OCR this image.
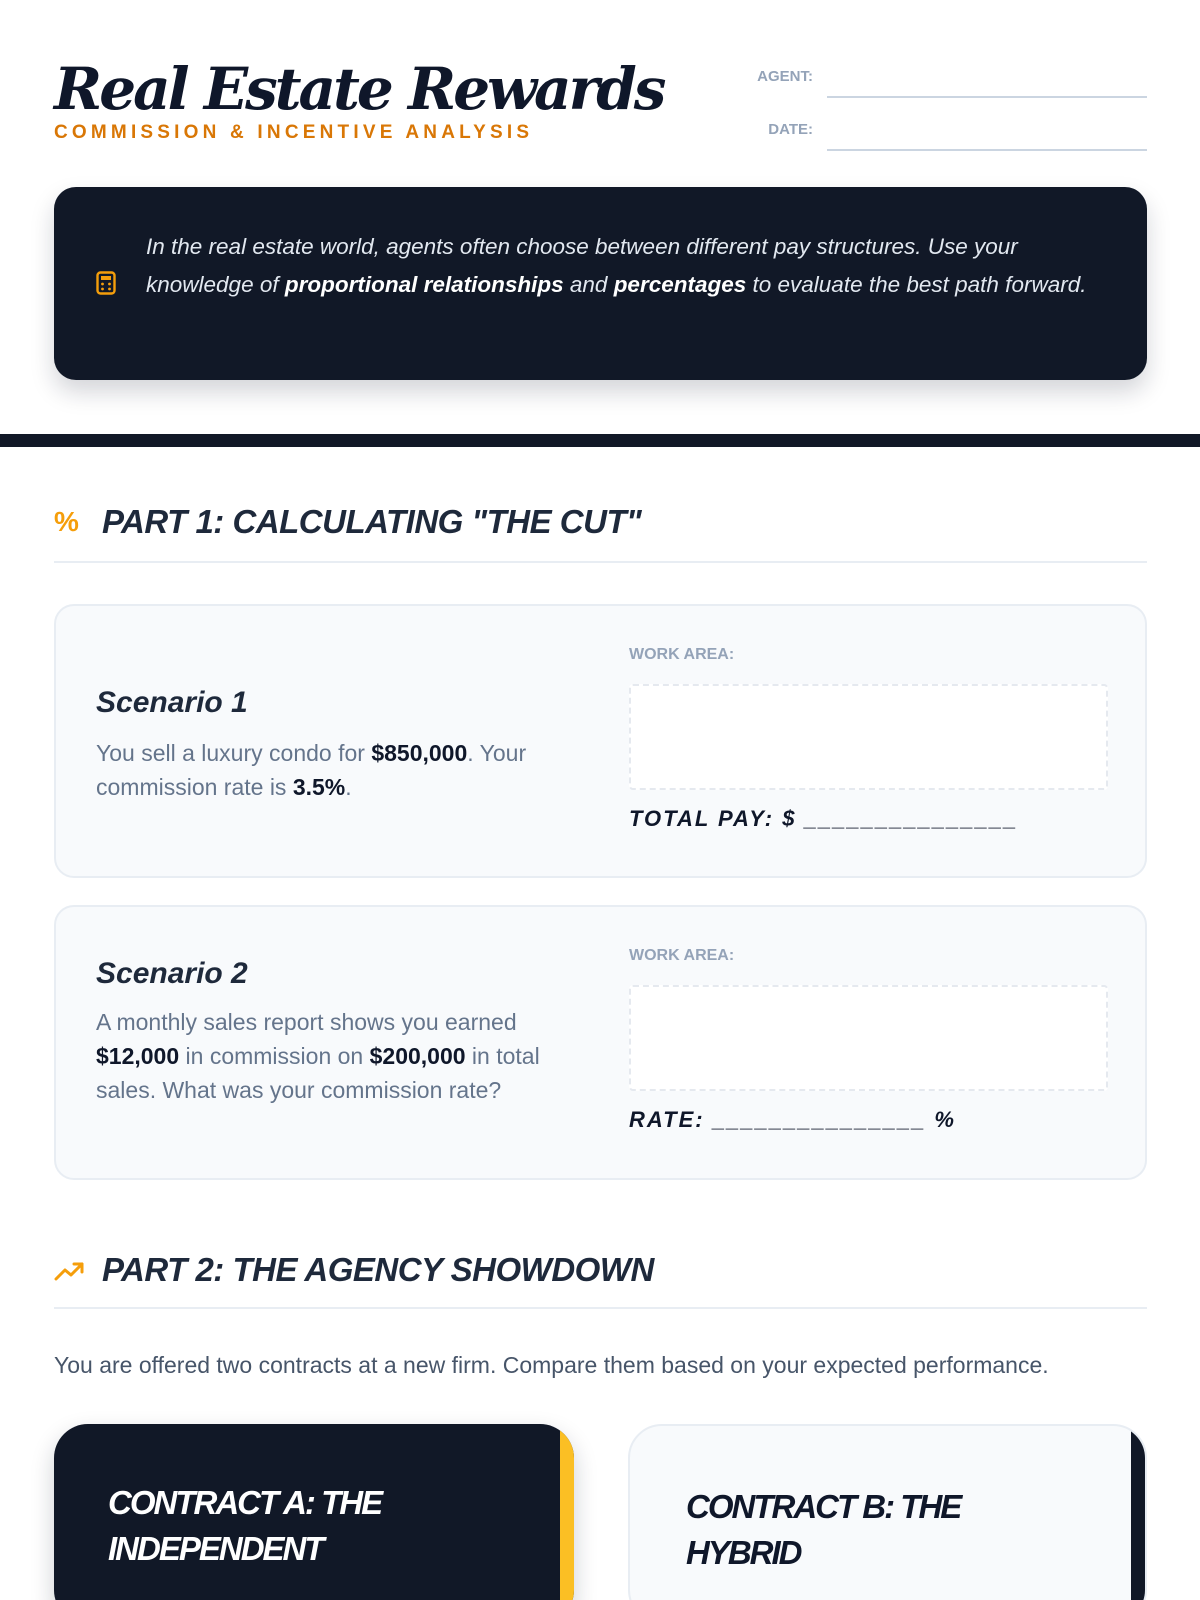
Real Estate Rewards
COMMISSION & INCENTIVE ANALYSIS
AGENT:
DATE:

In the real estate world, agents often choose between different pay structures. Use your knowledge of proportional relationships and percentages to evaluate the best path forward.

% PART 1: CALCULATING "THE CUT"
Scenario 1

You sell a luxury condo for $850,000. Your commission rate is 3.5%.

WORK AREA:
TOTAL PAY: $ _______________
Scenario 2

A monthly sales report shows you earned $12,000 in commission on $200,000 in total sales. What was your commission rate?

WORK AREA:
RATE: _______________ %
PART 2: THE AGENCY SHOWDOWN

You are offered two contracts at a new firm. Compare them based on your expected performance.

CONTRACT A: THE INDEPENDENT
CONTRACT B: THE HYBRID
